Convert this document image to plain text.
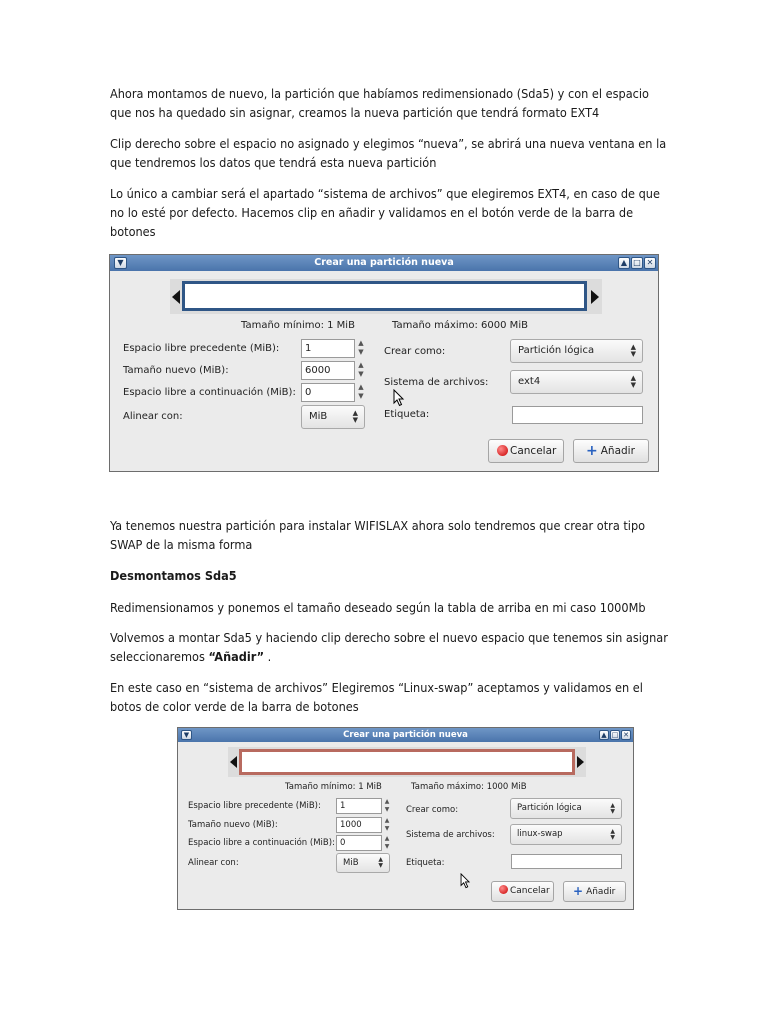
Ahora montamos de nuevo, la partición que habíamos redimensionado (Sda5) y con el espacio que nos ha quedado sin asignar, creamos la nueva partición que tendrá formato EXT4

Clip derecho sobre el espacio no asignado y elegimos “nueva”, se abrirá una nueva ventana en la que tendremos los datos que tendrá esta nueva partición

Lo único a cambiar será el apartado “sistema de archivos” que elegiremos EXT4, en caso de que no lo esté por defecto. Hacemos clip en añadir y validamos en el botón verde de la barra de botones

Crear una partición nueva
▼	▲ □ ✕
Tamaño mínimo: 1 MiB	Tamaño máximo: 6000 MiB
Espacio libre precedente (MiB):	1	▲
▼
Tamaño nuevo (MiB):	6000	▲
▼
Espacio libre a continuación (MiB): 0	▲
▼
Alinear con:	MiB	▲
▼
Crear como:	Partición lógica	▲
▼
Sistema de archivos:	ext4	▲
▼
Etiqueta:
Cancelar	+ Añadir

Ya tenemos nuestra partición para instalar WIFISLAX ahora solo tendremos que crear otra tipo SWAP de la misma forma

Desmontamos Sda5

Redimensionamos y ponemos el tamaño deseado según la tabla de arriba en mi caso 1000Mb

Volvemos a montar Sda5 y haciendo clip derecho sobre el nuevo espacio que tenemos sin asignar seleccionaremos “Añadir” .

En este caso en “sistema de archivos” Elegiremos “Linux-swap” aceptamos y validamos en el botos de color verde de la barra de botones

Crear una partición nueva
▼	▲ □ ✕
Tamaño mínimo: 1 MiB	Tamaño máximo: 1000 MiB
Espacio libre precedente (MiB):	1	▲
▼
Tamaño nuevo (MiB):	1000	▲
▼
Espacio libre a continuación (MiB): 0	▲
▼
Alinear con:	MiB	▲
▼
Crear como:	Partición lógica	▲
▼
Sistema de archivos:	linux-swap	▲
▼
Etiqueta:
Cancelar	+ Añadir
